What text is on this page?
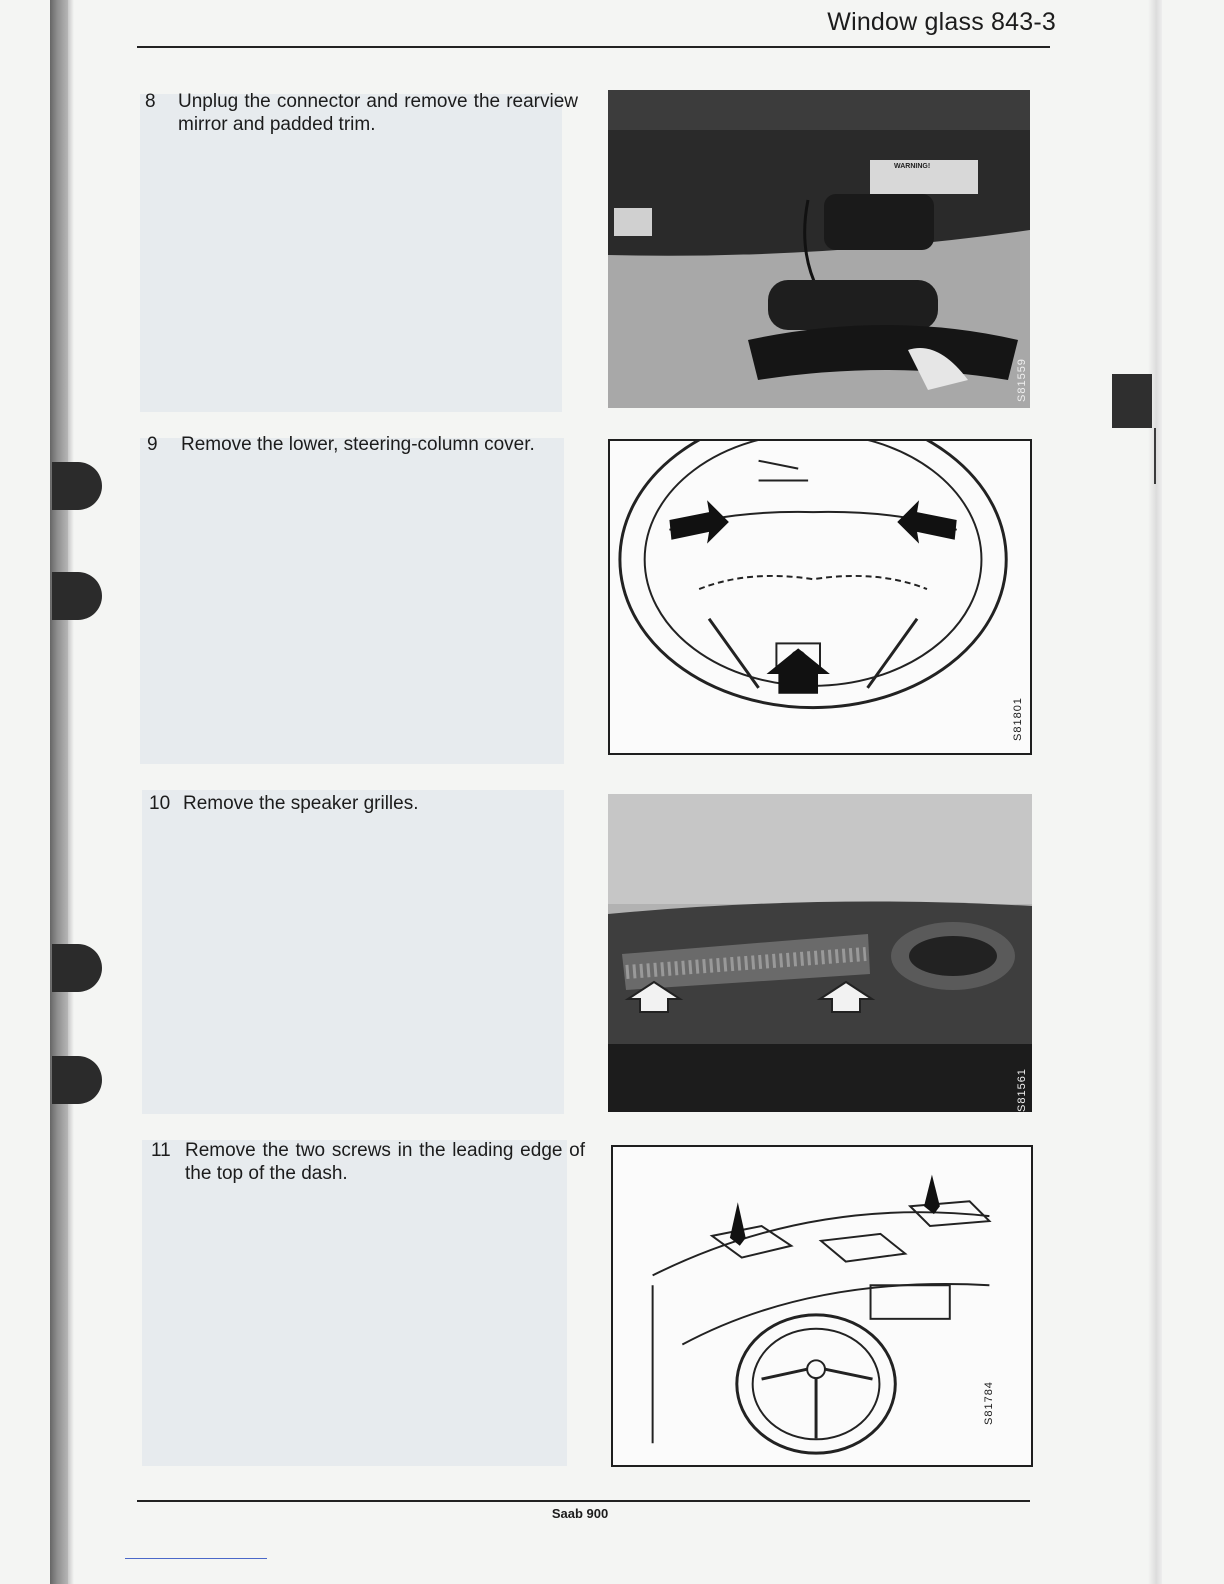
Window glass 843-3
8 Unplug the connector and remove the rearview mirror and padded trim.
S81559
WARNING!
9 Remove the lower, steering-column cover.
S81801
10 Remove the speaker grilles.
S81561
11 Remove the two screws in the leading edge of the top of the dash.
S81784
Saab 900
